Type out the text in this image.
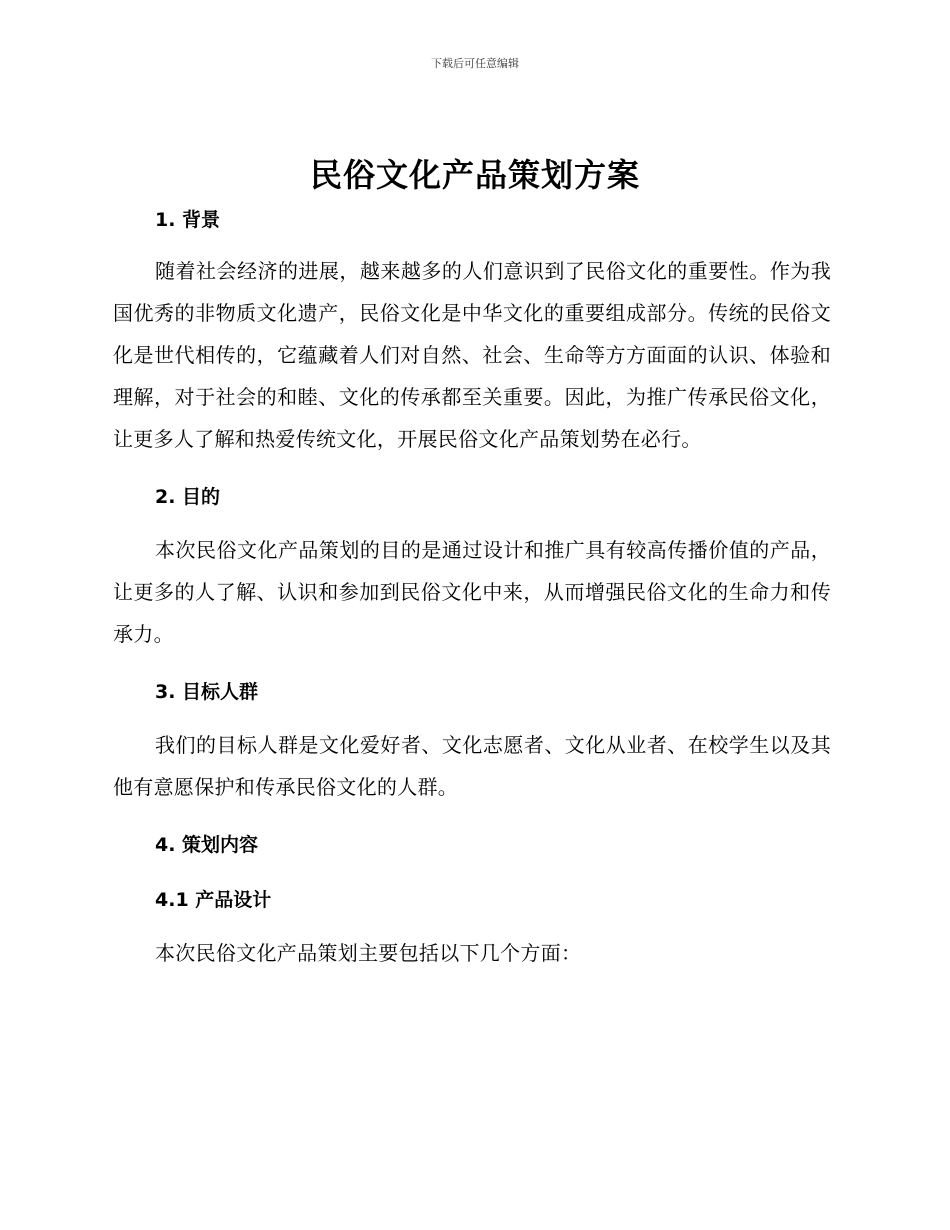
下载后可任意编辑
民俗文化产品策划方案
1. 背景

随着社会经济的进展，越来越多的人们意识到了民俗文化的重要性。作为我国优秀的非物质文化遗产，民俗文化是中华文化的重要组成部分。传统的民俗文化是世代相传的，它蕴藏着人们对自然、社会、生命等方方面面的认识、体验和理解，对于社会的和睦、文化的传承都至关重要。因此，为推广传承民俗文化，让更多人了解和热爱传统文化，开展民俗文化产品策划势在必行。

2. 目的

本次民俗文化产品策划的目的是通过设计和推广具有较高传播价值的产品，让更多的人了解、认识和参加到民俗文化中来，从而增强民俗文化的生命力和传承力。

3. 目标人群

我们的目标人群是文化爱好者、文化志愿者、文化从业者、在校学生以及其他有意愿保护和传承民俗文化的人群。

4. 策划内容
4.1 产品设计

本次民俗文化产品策划主要包括以下几个方面：
